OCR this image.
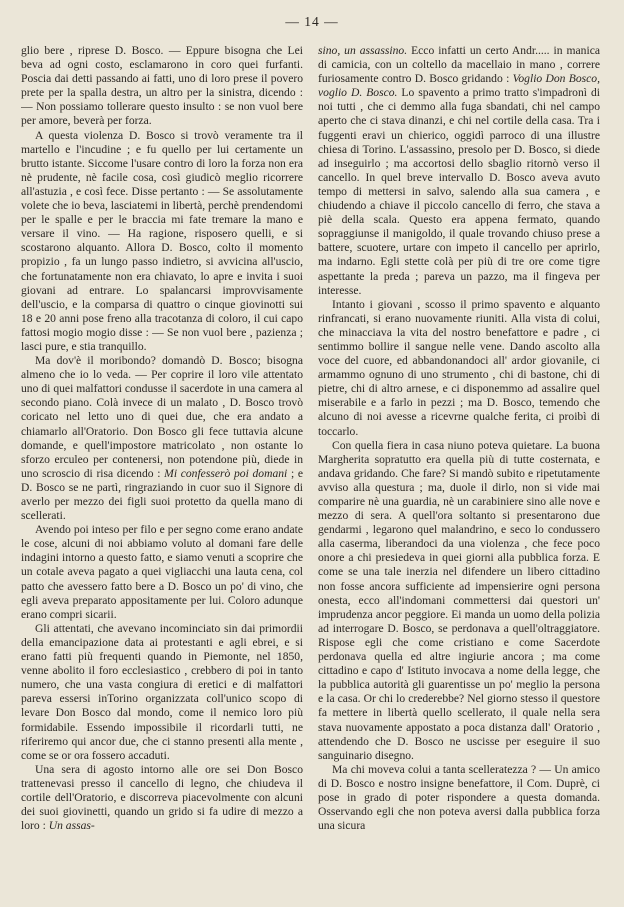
— 14 —

glio bere , riprese D. Bosco. — Eppure bisogna che Lei beva ad ogni costo, esclamarono in coro quei furfanti. Poscia dai detti passando ai fatti, uno di loro prese il povero prete per la spalla destra, un altro per la sinistra, dicendo : — Non possiamo tollerare questo insulto : se non vuol bere per amore, beverà per forza.

A questa violenza D. Bosco si trovò veramente tra il martello e l'incudine ; e fu quello per lui certamente un brutto istante. Siccome l'usare contro di loro la forza non era nè prudente, nè facile cosa, così giudicò meglio ricorrere all'astuzia , e così fece. Disse pertanto : — Se assolutamente volete che io beva, lasciatemi in libertà, perchè prendendomi per le spalle e per le braccia mi fate tremare la mano e versare il vino. — Ha ragione, risposero quelli, e si scostarono alquanto. Allora D. Bosco, colto il momento propizio , fa un lungo passo indietro, si avvicina all'uscio, che fortunatamente non era chiavato, lo apre e invita i suoi giovani ad entrare. Lo spalancarsi improvvisamente dell'uscio, e la comparsa di quattro o cinque giovinotti sui 18 e 20 anni pose freno alla tracotanza di coloro, il cui capo fattosi mogio mogio disse : — Se non vuol bere , pazienza ; lasci pure, e stia tranquillo.

Ma dov'è il moribondo? domandò D. Bosco; bisogna almeno che io lo veda. — Per coprire il loro vile attentato uno di quei malfattori condusse il sacerdote in una camera al secondo piano. Colà invece di un malato , D. Bosco trovò coricato nel letto uno di quei due, che era andato a chiamarlo all'Oratorio. Don Bosco gli fece tuttavia alcune domande, e quell'impostore matricolato , non ostante lo sforzo erculeo per contenersi, non potendone più, diede in uno scroscio di risa dicendo : Mi confesserò poi domani ; e D. Bosco se ne partì, ringraziando in cuor suo il Signore di averlo per mezzo dei figli suoi protetto da quella mano di scellerati.

Avendo poi inteso per filo e per segno come erano andate le cose, alcuni di noi abbiamo voluto al domani fare delle indagini intorno a questo fatto, e siamo venuti a scoprire che un cotale aveva pagato a quei vigliacchi una lauta cena, col patto che avessero fatto bere a D. Bosco un po' di vino, che egli aveva preparato appositamente per lui. Coloro adunque erano compri sicarii.

Gli attentati, che avevano incominciato sin dai primordii della emancipazione data ai protestanti e agli ebrei, e si erano fatti più frequenti quando in Piemonte, nel 1850, venne abolito il foro ecclesiastico , crebbero di poi in tanto numero, che una vasta congiura di eretici e di malfattori pareva essersi inTorino organizzata coll'unico scopo di levare Don Bosco dal mondo, come il nemico loro più formidabile. Essendo impossibile il ricordarli tutti, ne riferiremo qui ancor due, che ci stanno presenti alla mente , come se or ora fossero accaduti.

Una sera di agosto intorno alle ore sei Don Bosco trattenevasi presso il cancello di legno, che chiudeva il cortile dell'Oratorio, e discorreva piacevolmente con alcuni dei suoi giovinetti, quando un grido si fa udire di mezzo a loro : Un assas-

sino, un assassino. Ecco infatti un certo Andr..... in manica di camicia, con un coltello da macellaio in mano , correre furiosamente contro D. Bosco gridando : Voglio Don Bosco, voglio D. Bosco. Lo spavento a primo tratto s'impadronì di noi tutti , che ci demmo alla fuga sbandati, chi nel campo aperto che ci stava dinanzi, e chi nel cortile della casa. Tra i fuggenti eravi un chierico, oggidì parroco di una illustre chiesa di Torino. L'assassino, presolo per D. Bosco, si diede ad inseguirlo ; ma accortosi dello sbaglio ritornò verso il cancello. In quel breve intervallo D. Bosco aveva avuto tempo di mettersi in salvo, salendo alla sua camera , e chiudendo a chiave il piccolo cancello di ferro, che stava a piè della scala. Questo era appena fermato, quando sopraggiunse il manigoldo, il quale trovando chiuso prese a battere, scuotere, urtare con impeto il cancello per aprirlo, ma indarno. Egli stette colà per più di tre ore come tigre aspettante la preda ; pareva un pazzo, ma il fingeva per interesse.

Intanto i giovani , scosso il primo spavento e alquanto rinfrancati, si erano nuovamente riuniti. Alla vista di colui, che minacciava la vita del nostro benefattore e padre , ci sentimmo bollire il sangue nelle vene. Dando ascolto alla voce del cuore, ed abbandonandoci all' ardor giovanile, ci armammo ognuno di uno strumento , chi di bastone, chi di pietre, chi di altro arnese, e ci disponemmo ad assalire quel miserabile e a farlo in pezzi ; ma D. Bosco, temendo che alcuno di noi avesse a ricevrne qualche ferita, ci proibì di toccarlo.

Con quella fiera in casa niuno poteva quietare. La buona Margherita sopratutto era quella più di tutte costernata, e andava gridando. Che fare? Si mandò subito e ripetutamente avviso alla questura ; ma, duole il dirlo, non si vide mai comparire nè una guardia, nè un carabiniere sino alle nove e mezzo di sera. A quell'ora soltanto si presentarono due gendarmi , legarono quel malandrino, e seco lo condussero alla caserma, liberandoci da una violenza , che fece poco onore a chi presiedeva in quei giorni alla pubblica forza. E come se una tale inerzia nel difendere un libero cittadino non fosse ancora sufficiente ad impensierire ogni persona onesta, ecco all'indomani commettersi dai questori un' imprudenza ancor peggiore. Ei manda un uomo della polizia ad interrogare D. Bosco, se perdonava a quell'oltraggiatore. Rispose egli che come cristiano e come Sacerdote perdonava quella ed altre ingiurie ancora ; ma come cittadino e capo d' Istituto invocava a nome della legge, che la pubblica autorità gli guarentisse un po' meglio la persona e la casa. Or chi lo crederebbe? Nel giorno stesso il questore fa mettere in libertà quello scellerato, il quale nella sera stava nuovamente appostato a poca distanza dall' Oratorio , attendendo che D. Bosco ne uscisse per eseguire il suo sanguinario disegno.

Ma chi moveva colui a tanta scelleratezza ? — Un amico di D. Bosco e nostro insigne benefattore, il Com. Duprè, ci pose in grado di poter rispondere a questa domanda. Osservando egli che non poteva aversi dalla pubblica forza una sicura
